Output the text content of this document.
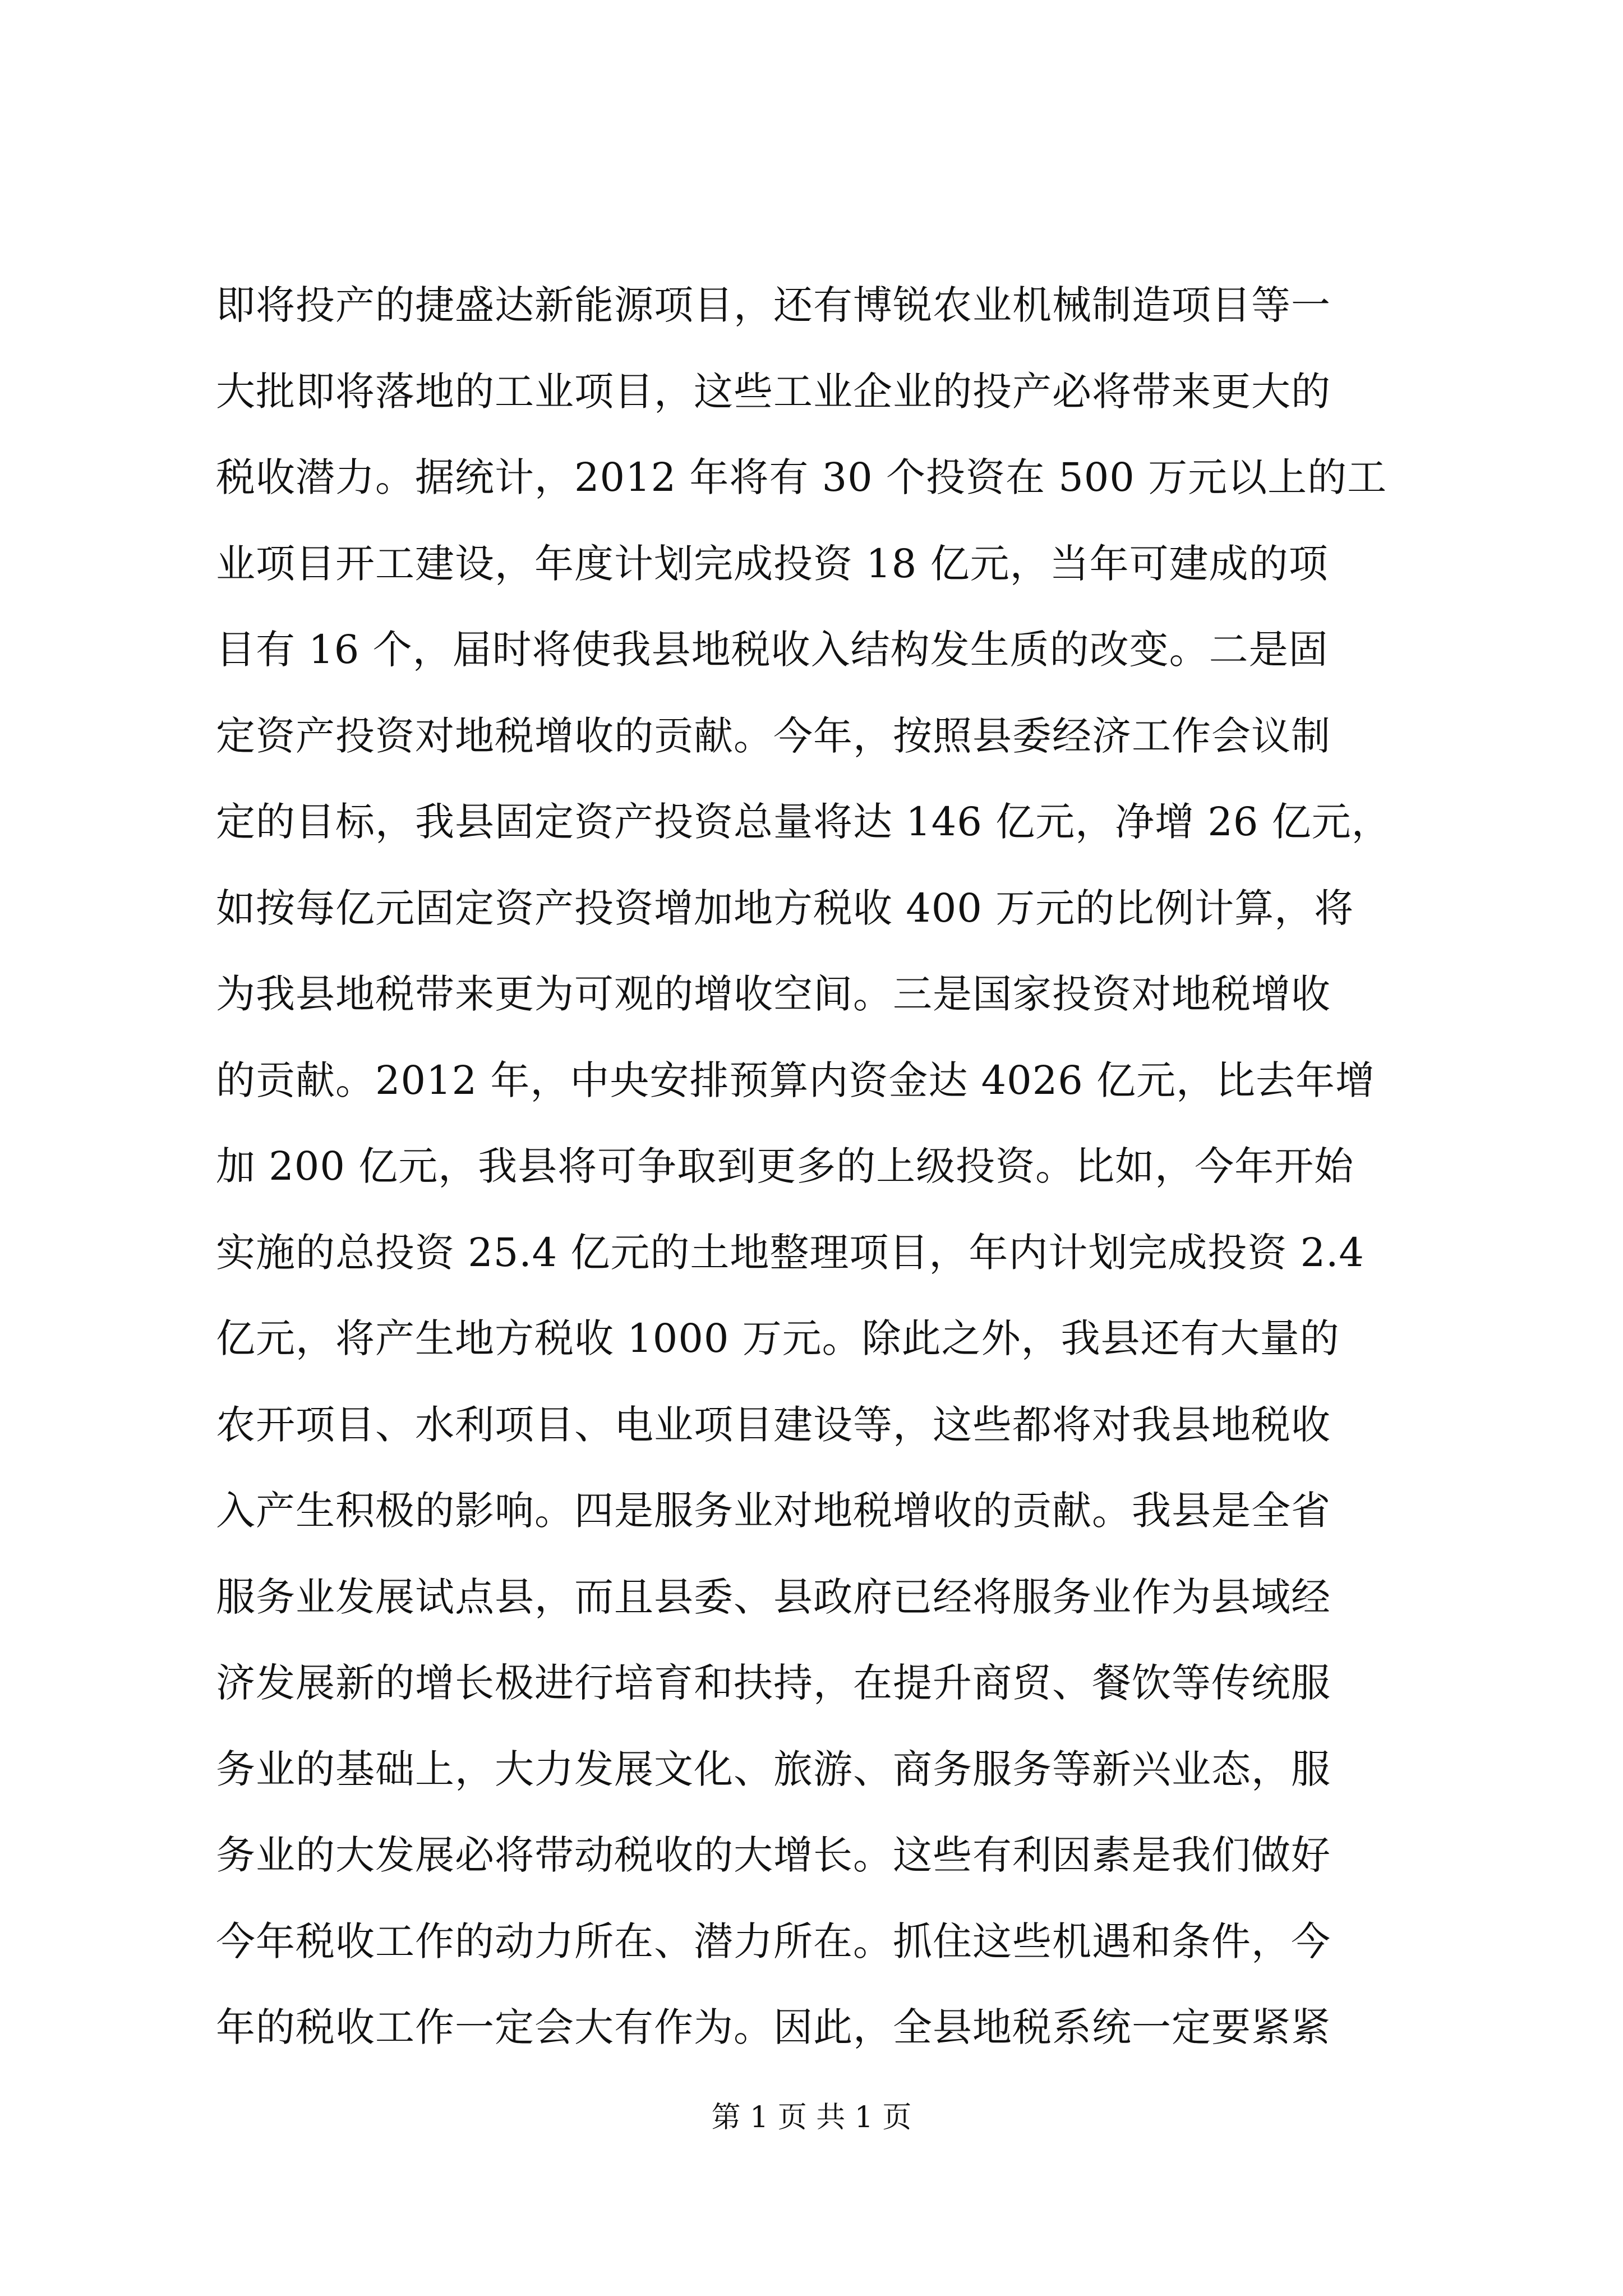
即将投产的捷盛达新能源项目，还有博锐农业机械制造项目等一
大批即将落地的工业项目，这些工业企业的投产必将带来更大的
税收潜力。据统计，2012 年将有 30 个投资在 500 万元以上的工
业项目开工建设，年度计划完成投资 18 亿元，当年可建成的项
目有 16 个，届时将使我县地税收入结构发生质的改变。二是固
定资产投资对地税增收的贡献。今年，按照县委经济工作会议制
定的目标，我县固定资产投资总量将达 146 亿元，净增 26 亿元，
如按每亿元固定资产投资增加地方税收 400 万元的比例计算，将
为我县地税带来更为可观的增收空间。三是国家投资对地税增收
的贡献。2012 年，中央安排预算内资金达 4026 亿元，比去年增
加 200 亿元，我县将可争取到更多的上级投资。比如，今年开始
实施的总投资 25.4 亿元的土地整理项目，年内计划完成投资 2.4
亿元，将产生地方税收 1000 万元。除此之外，我县还有大量的
农开项目、水利项目、电业项目建设等，这些都将对我县地税收
入产生积极的影响。四是服务业对地税增收的贡献。我县是全省
服务业发展试点县，而且县委、县政府已经将服务业作为县域经
济发展新的增长极进行培育和扶持，在提升商贸、餐饮等传统服
务业的基础上，大力发展文化、旅游、商务服务等新兴业态，服
务业的大发展必将带动税收的大增长。这些有利因素是我们做好
今年税收工作的动力所在、潜力所在。抓住这些机遇和条件，今
年的税收工作一定会大有作为。因此，全县地税系统一定要紧紧
第 1 页 共 1 页
